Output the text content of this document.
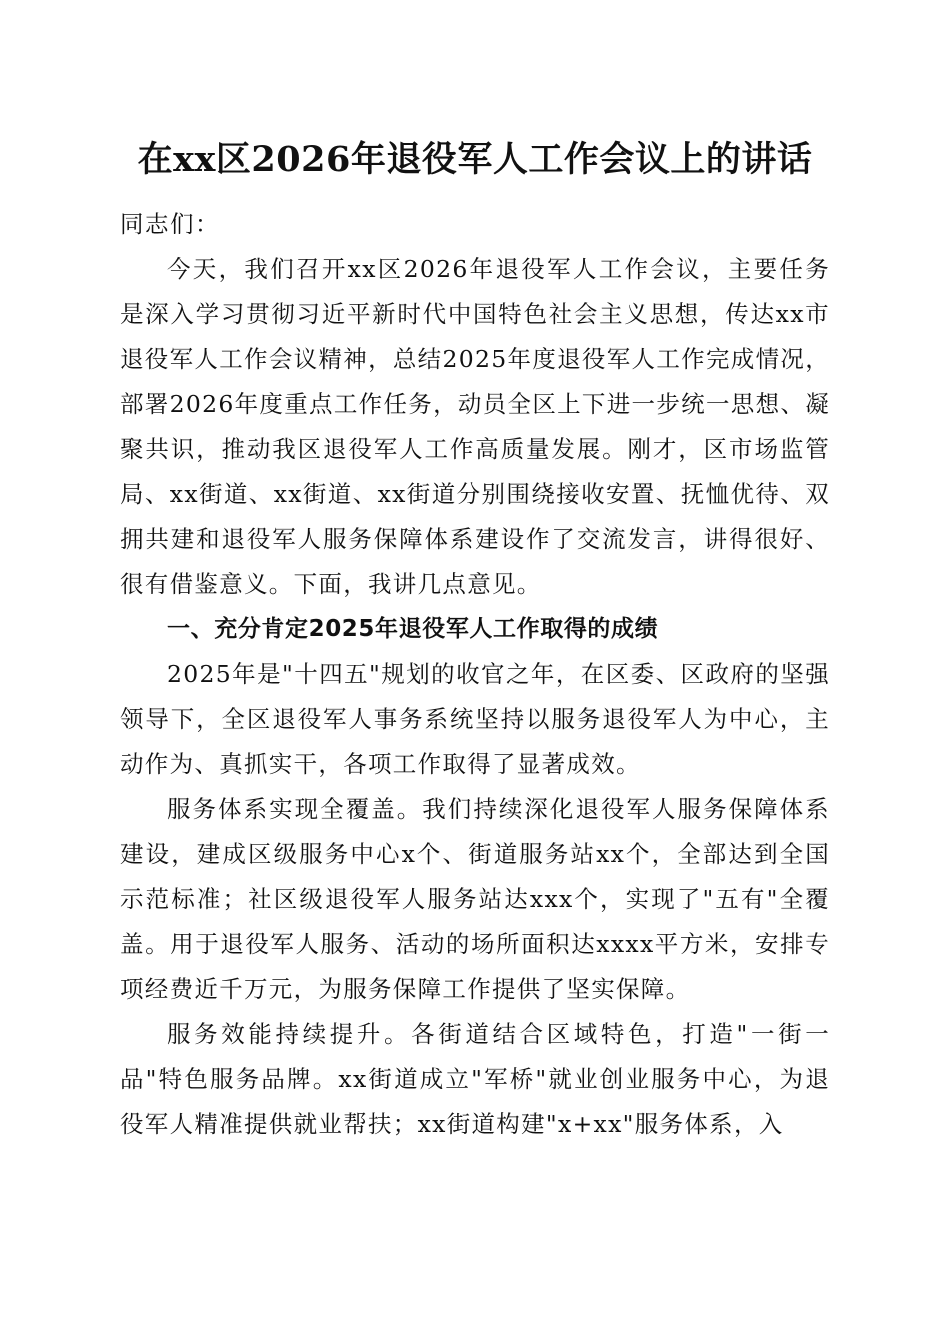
在xx区2026年退役军人工作会议上的讲话

同志们：

今天，我们召开xx区2026年退役军人工作会议，主要任务是深入学习贯彻习近平新时代中国特色社会主义思想，传达xx市退役军人工作会议精神，总结2025年度退役军人工作完成情况，部署2026年度重点工作任务，动员全区上下进一步统一思想、凝聚共识，推动我区退役军人工作高质量发展。刚才，区市场监管局、xx街道、xx街道、xx街道分别围绕接收安置、抚恤优待、双拥共建和退役军人服务保障体系建设作了交流发言，讲得很好、很有借鉴意义。下面，我讲几点意见。

一、充分肯定2025年退役军人工作取得的成绩

2025年是"十四五"规划的收官之年，在区委、区政府的坚强领导下，全区退役军人事务系统坚持以服务退役军人为中心，主动作为、真抓实干，各项工作取得了显著成效。

服务体系实现全覆盖。我们持续深化退役军人服务保障体系建设，建成区级服务中心x个、街道服务站xx个，全部达到全国示范标准；社区级退役军人服务站达xxx个，实现了"五有"全覆盖。用于退役军人服务、活动的场所面积达xxxx平方米，安排专项经费近千万元，为服务保障工作提供了坚实保障。

服务效能持续提升。各街道结合区域特色，打造"一街一品"特色服务品牌。xx街道成立"军桥"就业创业服务中心，为退役军人精准提供就业帮扶；xx街道构建"x+xx"服务体系，入
